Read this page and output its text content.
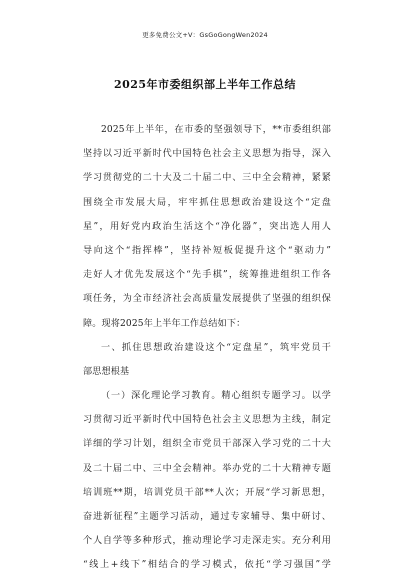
更多免费公文+V：GsGoGongWen2024
2025年市委组织部上半年工作总结
2025年上半年，在市委的坚强领导下，**市委组织部
坚持以习近平新时代中国特色社会主义思想为指导，深入
学习贯彻党的二十大及二十届二中、三中全会精神，紧紧
围绕全市发展大局，牢牢抓住思想政治建设这个“定盘
星”，用好党内政治生活这个“净化器”，突出选人用人
导向这个“指挥棒”，坚持补短板促提升这个“驱动力”
走好人才优先发展这个“先手棋”，统筹推进组织工作各
项任务，为全市经济社会高质量发展提供了坚强的组织保
障。现将2025年上半年工作总结如下：
一、抓住思想政治建设这个“定盘星”，筑牢党员干
部思想根基
（一）深化理论学习教育。精心组织专题学习。以学
习贯彻习近平新时代中国特色社会主义思想为主线，制定
详细的学习计划，组织全市党员干部深入学习党的二十大
及二十届二中、三中全会精神。举办党的二十大精神专题
培训班**期，培训党员干部**人次；开展“学习新思想，
奋进新征程”主题学习活动，通过专家辅导、集中研讨、
个人自学等多种形式，推动理论学习走深走实。充分利用
“线上+线下”相结合的学习模式，依托“学习强国”学
